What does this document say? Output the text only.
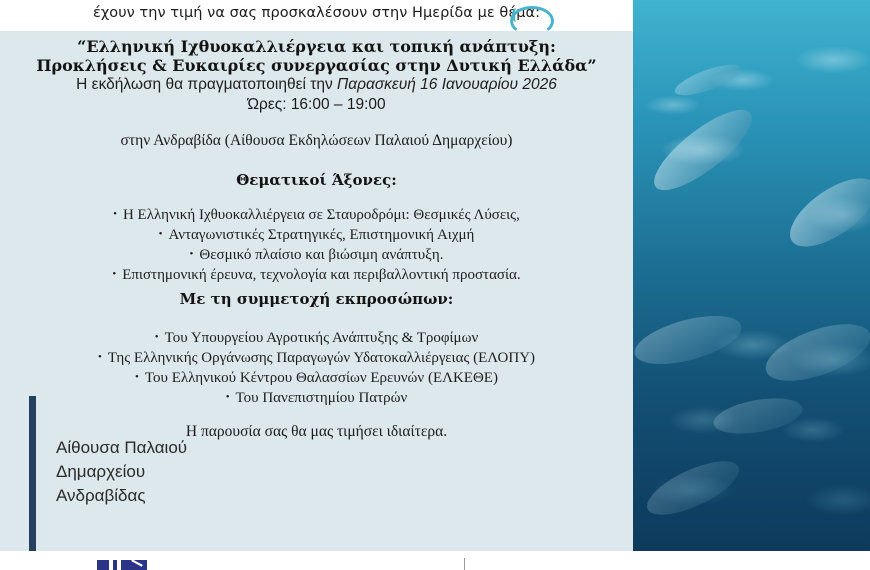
έχουν την τιμή να σας προσκαλέσουν στην Ημερίδα με θέμα:
“Ελληνική Ιχθυοκαλλιέργεια και τοπική ανάπτυξη:
Προκλήσεις & Ευκαιρίες συνεργασίας στην Δυτική Ελλάδα”
Η εκδήλωση θα πραγματοποιηθεί την Παρασκευή 16 Ιανουαρίου 2026
Ώρες: 16:00 – 19:00
στην Ανδραβίδα (Αίθουσα Εκδηλώσεων Παλαιού Δημαρχείου)
Θεματικοί Άξονες:
• Η Ελληνική Ιχθυοκαλλιέργεια σε Σταυροδρόμι: Θεσμικές Λύσεις,
• Ανταγωνιστικές Στρατηγικές, Επιστημονική Αιχμή
• Θεσμικό πλαίσιο και βιώσιμη ανάπτυξη.
• Επιστημονική έρευνα, τεχνολογία και περιβαλλοντική προστασία.
Με τη συμμετοχή εκπροσώπων:
• Του Υπουργείου Αγροτικής Ανάπτυξης & Τροφίμων
• Της Ελληνικής Οργάνωσης Παραγωγών Υδατοκαλλιέργειας (ΕΛΟΠΥ)
• Του Ελληνικού Κέντρου Θαλασσίων Ερευνών (ΕΛΚΕΘΕ)
• Του Πανεπιστημίου Πατρών
Η παρουσία σας θα μας τιμήσει ιδιαίτερα.
Αίθουσα Παλαιού
Δημαρχείου
Ανδραβίδας
